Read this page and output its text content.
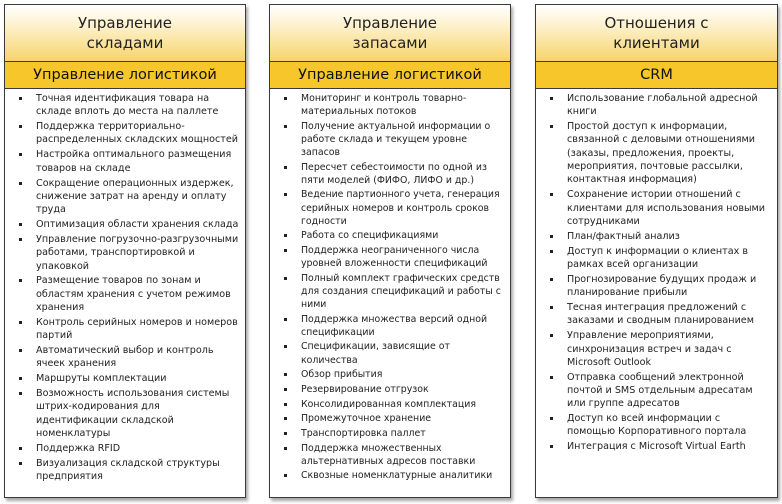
Управление
складами
Управление логистикой
Точная идентификация товара на складе вплоть до места на паллете
Поддержка территориально-распределенных складских мощностей
Настройка оптимального размещения товаров на складе
Сокращение операционных издержек, снижение затрат на аренду и оплату труда
Оптимизация области хранения склада
Управление погрузочно-разгрузочными работами, транспортировкой и упаковкой
Размещение товаров по зонам и областям хранения с учетом режимов хранения
Контроль серийных номеров и номеров партий
Автоматический выбор и контроль ячеек хранения
Маршруты комплектации
Возможность использования системы штрих-кодирования для идентификации складской номенклатуры
Поддержка RFID
Визуализация складской структуры предприятия
Управление
запасами
Управление логистикой
Мониторинг и контроль товарно-материальных потоков
Получение актуальной информации о работе склада и текущем уровне запасов
Пересчет себестоимости по одной из пяти моделей (ФИФО, ЛИФО и др.)
Ведение партионного учета, генерация серийных номеров и контроль сроков годности
Работа со спецификациями
Поддержка неограниченного числа уровней вложенности спецификаций
Полный комплект графических средств для создания спецификаций и работы с ними
Поддержка множества версий одной спецификации
Спецификации, зависящие от количества
Обзор прибытия
Резервирование отгрузок
Консолидированная комплектация
Промежуточное хранение
Транспортировка паллет
Поддержка множественных альтернативных адресов поставки
Сквозные номенклатурные аналитики
Отношения с
клиентами
CRM
Использование глобальной адресной книги
Простой доступ к информации, связанной с деловыми отношениями (заказы, предложения, проекты, мероприятия, почтовые рассылки, контактная информация)
Сохранение истории отношений с клиентами для использования новыми сотрудниками
План/фактный анализ
Доступ к информации о клиентах в рамках всей организации
Прогнозирование будущих продаж и планирование прибыли
Тесная интеграция предложений с заказами и сводным планированием
Управление мероприятиями, синхронизация встреч и задач с Microsoft Outlook
Отправка сообщений электронной почтой и SMS отдельным адресатам или группе адресатов
Доступ ко всей информации с помощью Корпоративного портала
Интеграция с Microsoft Virtual Earth
